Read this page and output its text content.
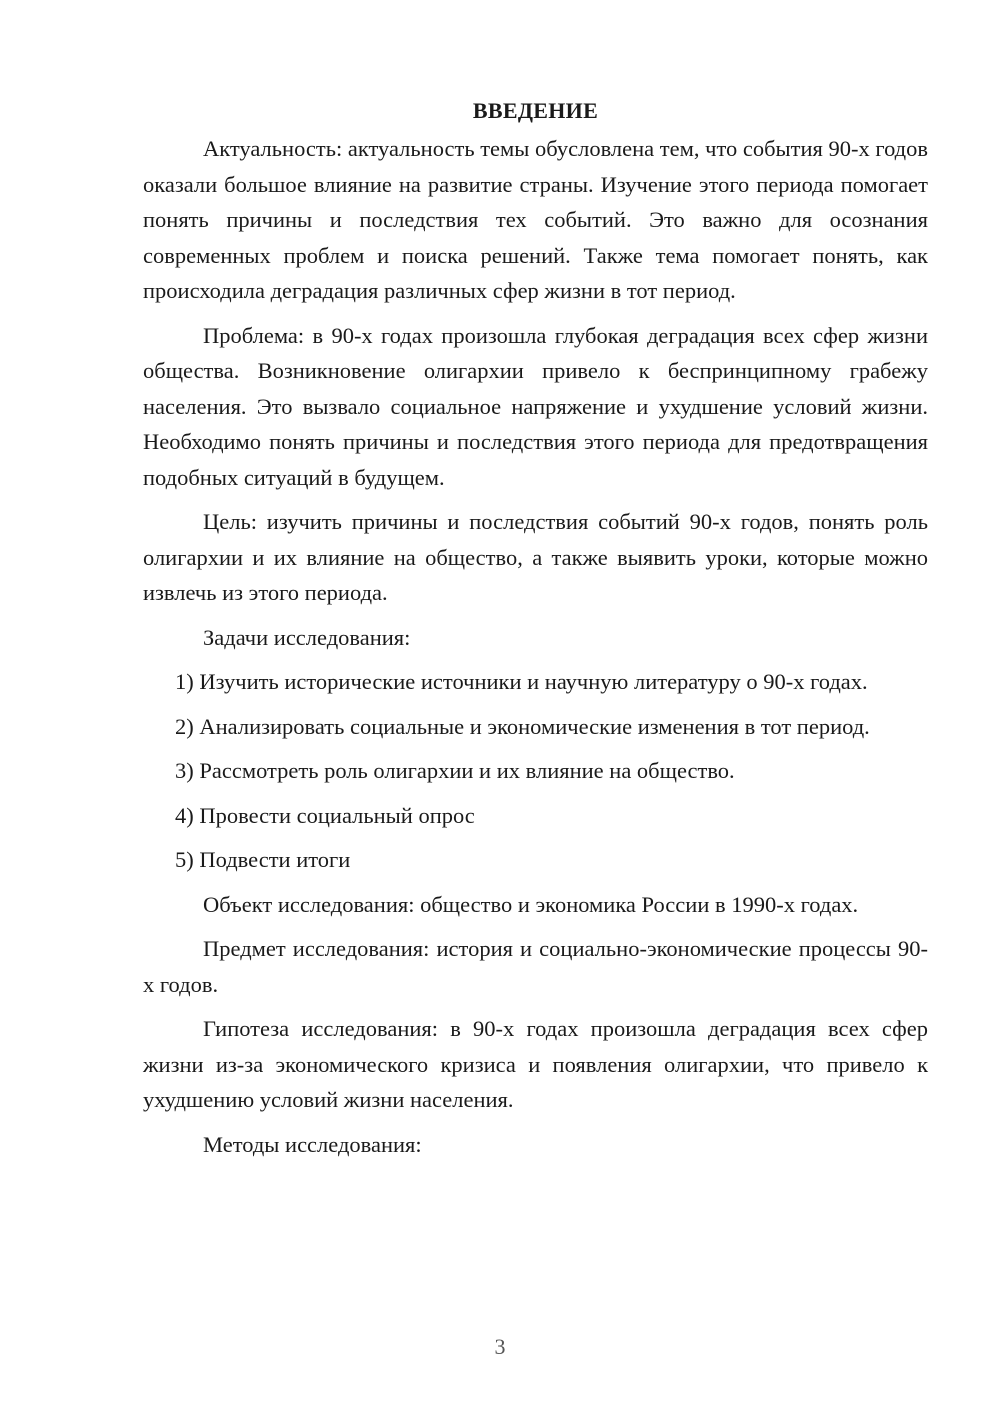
ВВЕДЕНИЕ

Актуальность: актуальность темы обусловлена тем, что события 90-х годов оказали большое влияние на развитие страны. Изучение этого периода помогает понять причины и последствия тех событий. Это важно для осознания современных проблем и поиска решений. Также тема помогает понять, как происходила деградация различных сфер жизни в тот период.

Проблема: в 90-х годах произошла глубокая деградация всех сфер жизни общества. Возникновение олигархии привело к беспринципному грабежу населения. Это вызвало социальное напряжение и ухудшение условий жизни. Необходимо понять причины и последствия этого периода для предотвращения подобных ситуаций в будущем.

Цель: изучить причины и последствия событий 90-х годов, понять роль олигархии и их влияние на общество, а также выявить уроки, которые можно извлечь из этого периода.

Задачи исследования:

1) Изучить исторические источники и научную литературу о 90-х годах.

2) Анализировать социальные и экономические изменения в тот период.

3) Рассмотреть роль олигархии и их влияние на общество.

4) Провести социальный опрос

5) Подвести итоги

Объект исследования: общество и экономика России в 1990-х годах.

Предмет исследования: история и социально-экономические процессы 90-х годов.

Гипотеза исследования: в 90-х годах произошла деградация всех сфер жизни из-за экономического кризиса и появления олигархии, что привело к ухудшению условий жизни населения.

Методы исследования:

3
